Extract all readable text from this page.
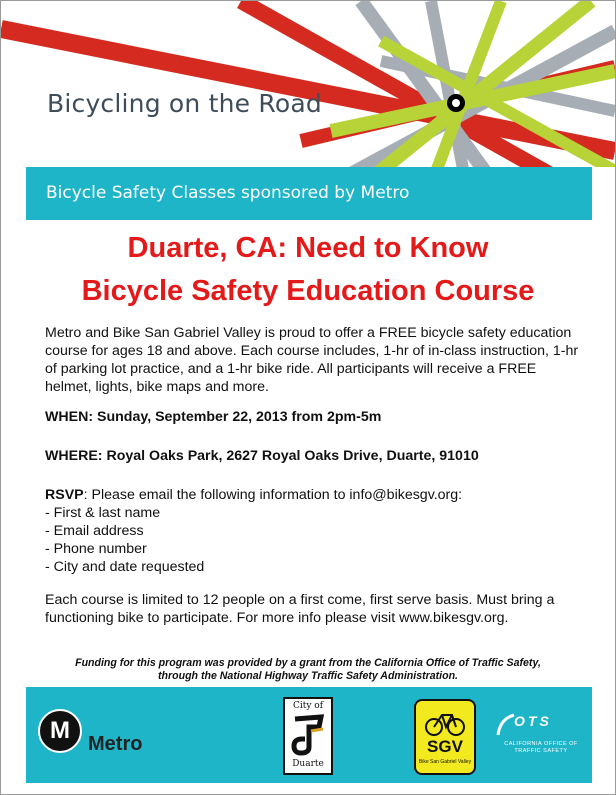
Bicycling on the Road
Bicycle Safety Classes sponsored by Metro
Duarte, CA: Need to Know
Bicycle Safety Education Course
Metro and Bike San Gabriel Valley is proud to offer a FREE bicycle safety education course for ages 18 and above. Each course includes, 1-hr of in-class instruction, 1-hr of parking lot practice, and a 1-hr bike ride. All participants will receive a FREE helmet, lights, bike maps and more.
WHEN: Sunday, September 22, 2013 from 2pm-5m
WHERE: Royal Oaks Park, 2627 Royal Oaks Drive, Duarte, 91010
RSVP: Please email the following information to info@bikesgv.org:
- First & last name
- Email address
- Phone number
- City and date requested
Each course is limited to 12 people on a first come, first serve basis. Must bring a functioning bike to participate. For more info please visit www.bikesgv.org.
Funding for this program was provided by a grant from the California Office of Traffic Safety,
through the National Highway Traffic Safety Administration.
M Metro
City of
Duarte
SGV
Bike San Gabriel Valley
OTS
CALIFORNIA OFFICE OF TRAFFIC SAFETY
